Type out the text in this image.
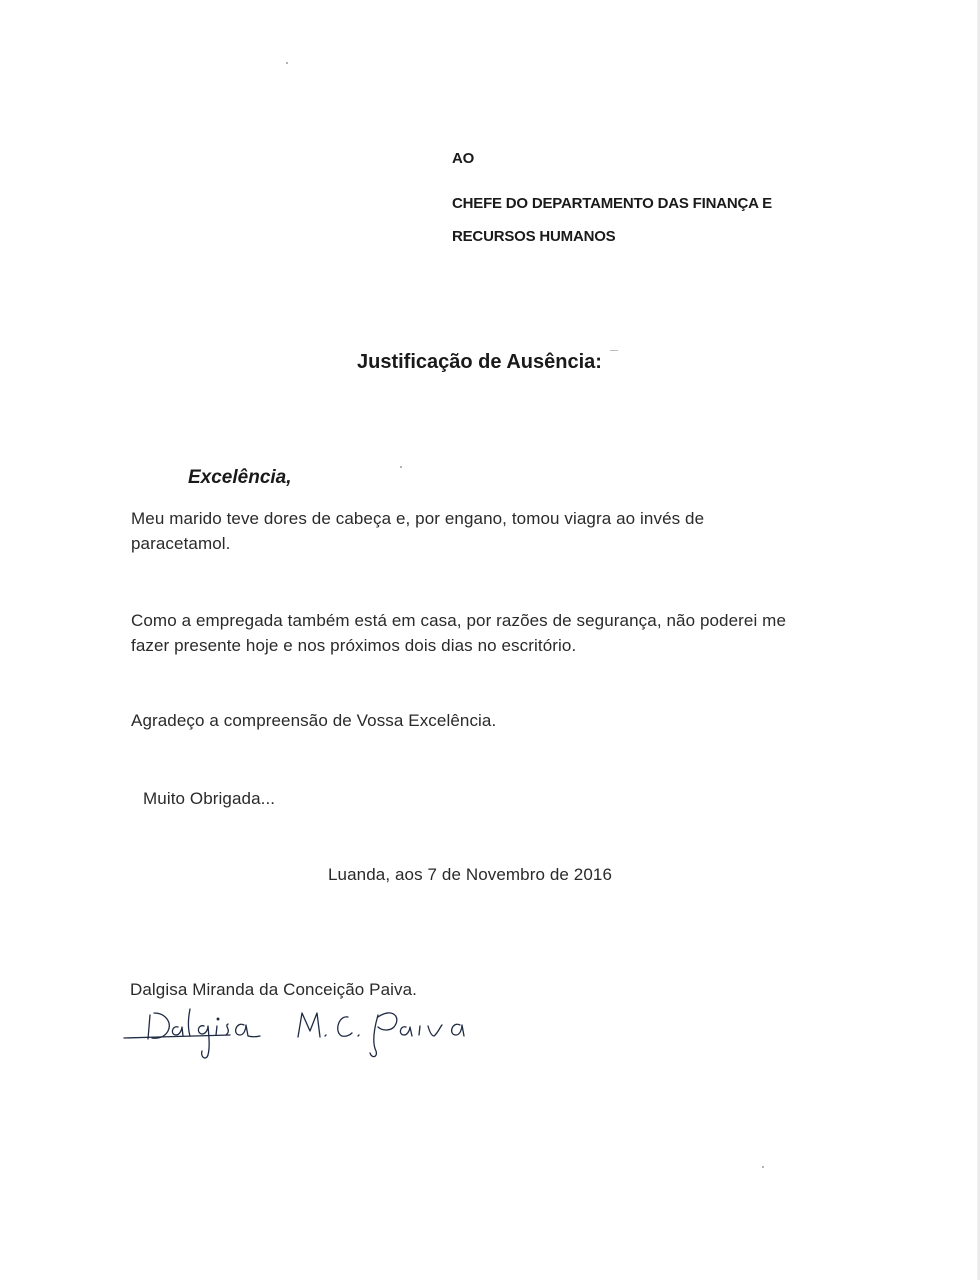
AO
CHEFE DO DEPARTAMENTO DAS FINANÇA E
RECURSOS HUMANOS
Justificação de Ausência:
Excelência,
Meu marido teve dores de cabeça e, por engano, tomou viagra ao invés de
paracetamol.
Como a empregada também está em casa, por razões de segurança, não poderei me
fazer presente hoje e nos próximos dois dias no escritório.
Agradeço a compreensão de Vossa Excelência.
Muito Obrigada...
Luanda, aos 7 de Novembro de 2016
Dalgisa Miranda da Conceição Paiva.
